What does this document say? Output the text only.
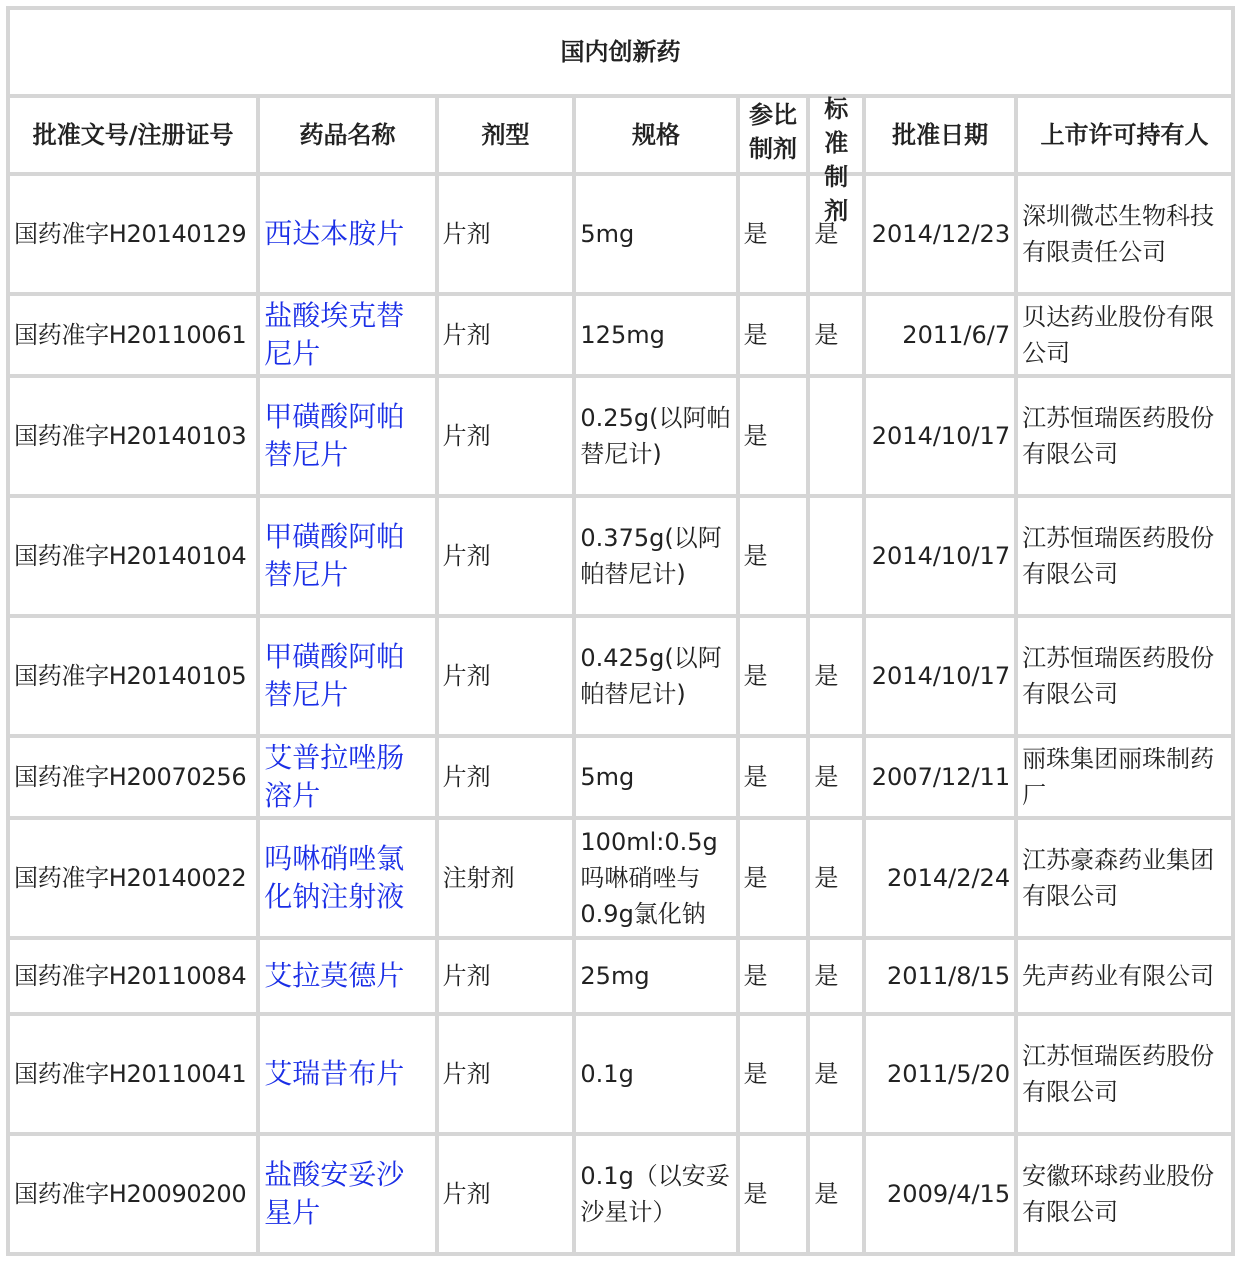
国内创新药							
批准文号/注册证号	药品名称	剂型	规格	参比制剂	标准制剂	批准日期	上市许可持有人
国药准字H20140129	西达本胺片	片剂	5mg	是	是	2014/12/23	深圳微芯生物科技有限责任公司
国药准字H20110061	盐酸埃克替尼片	片剂	125mg	是	是	2011/6/7	贝达药业股份有限公司
国药准字H20140103	甲磺酸阿帕替尼片	片剂	0.25g(以阿帕替尼计)	是		2014/10/17	江苏恒瑞医药股份有限公司
国药准字H20140104	甲磺酸阿帕替尼片	片剂	0.375g(以阿帕替尼计)	是		2014/10/17	江苏恒瑞医药股份有限公司
国药准字H20140105	甲磺酸阿帕替尼片	片剂	0.425g(以阿帕替尼计)	是	是	2014/10/17	江苏恒瑞医药股份有限公司
国药准字H20070256	艾普拉唑肠溶片	片剂	5mg	是	是	2007/12/11	丽珠集团丽珠制药厂
国药准字H20140022	吗啉硝唑氯化钠注射液	注射剂	100ml:0.5g吗啉硝唑与0.9g氯化钠	是	是	2014/2/24	江苏豪森药业集团有限公司
国药准字H20110084	艾拉莫德片	片剂	25mg	是	是	2011/8/15	先声药业有限公司
国药准字H20110041	艾瑞昔布片	片剂	0.1g	是	是	2011/5/20	江苏恒瑞医药股份有限公司
国药准字H20090200	盐酸安妥沙星片	片剂	0.1g（以安妥沙星计）	是	是	2009/4/15	安徽环球药业股份有限公司
